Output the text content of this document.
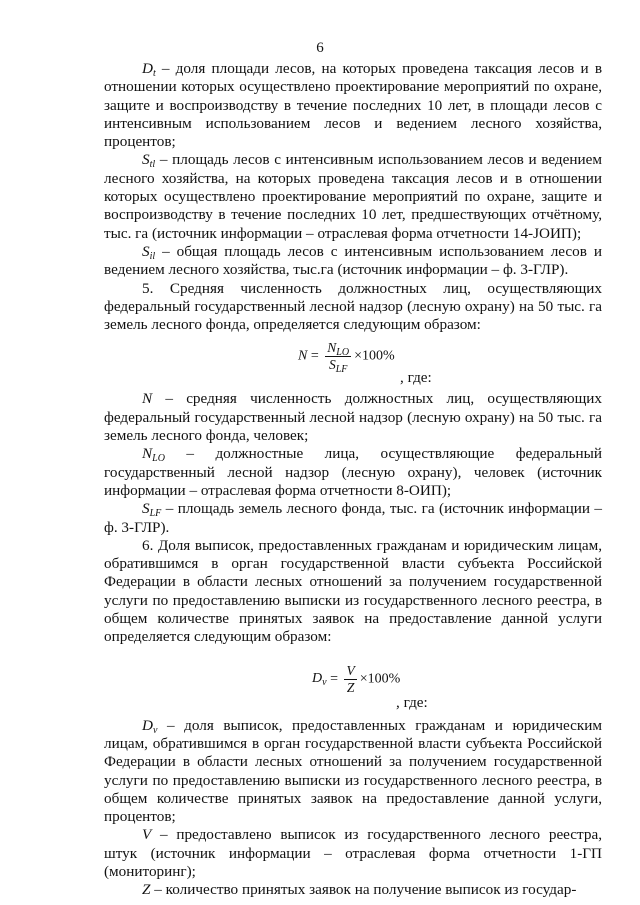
6

$D_t$ – доля площади лесов, на которых проведена таксация лесов и в отношении которых осуществлено проектирование мероприятий по охране, защите и воспроизводству в течение последних 10 лет, в площади лесов с интенсивным использованием лесов и ведением лесного хозяйства, процентов;

$S_{tl}$ – площадь лесов с интенсивным использованием лесов и ведением лесного хозяйства, на которых проведена таксация лесов и в отношении которых осуществлено проектирование мероприятий по охране, защите и воспроизводству в течение последних 10 лет, предшествующих отчётному, тыс. га (источник информации – отраслевая форма отчетности 14-ЈОИП);

$S_{il}$ – общая площадь лесов с интенсивным использованием лесов и ведением лесного хозяйства, тыс.га (источник информации – ф. 3-ГЛР).

5. Средняя численность должностных лиц, осуществляющих федеральный государственный лесной надзор (лесную охрану) на 50 тыс. га земель лесного фонда, определяется следующим образом:

$N = \frac{N_{LO}}{S_{LF}} \times 100\%$
, где:

N – средняя численность должностных лиц, осуществляющих федеральный государственный лесной надзор (лесную охрану) на 50 тыс. га земель лесного фонда, человек;

$N_{LO}$ – должностные лица, осуществляющие федеральный государственный лесной надзор (лесную охрану), человек (источник информации – отраслевая форма отчетности 8-ОИП);

$S_{LF}$ – площадь земель лесного фонда, тыс. га (источник информации – ф. 3-ГЛР).

6. Доля выписок, предоставленных гражданам и юридическим лицам, обратившимся в орган государственной власти субъекта Российской Федерации в области лесных отношений за получением государственной услуги по предоставлению выписки из государственного лесного реестра, в общем количестве принятых заявок на предоставление данной услуги определяется следующим образом:

$D_v = \frac{V}{Z} \times 100\%$
, где:

$D_v$ – доля выписок, предоставленных гражданам и юридическим лицам, обратившимся в орган государственной власти субъекта Российской Федерации в области лесных отношений за получением государственной услуги по предоставлению выписки из государственного лесного реестра, в общем количестве принятых заявок на предоставление данной услуги, процентов;

V – предоставлено выписок из государственного лесного реестра, штук (источник информации – отраслевая форма отчетности 1-ГП (мониторинг);

Z – количество принятых заявок на получение выписок из государ-
